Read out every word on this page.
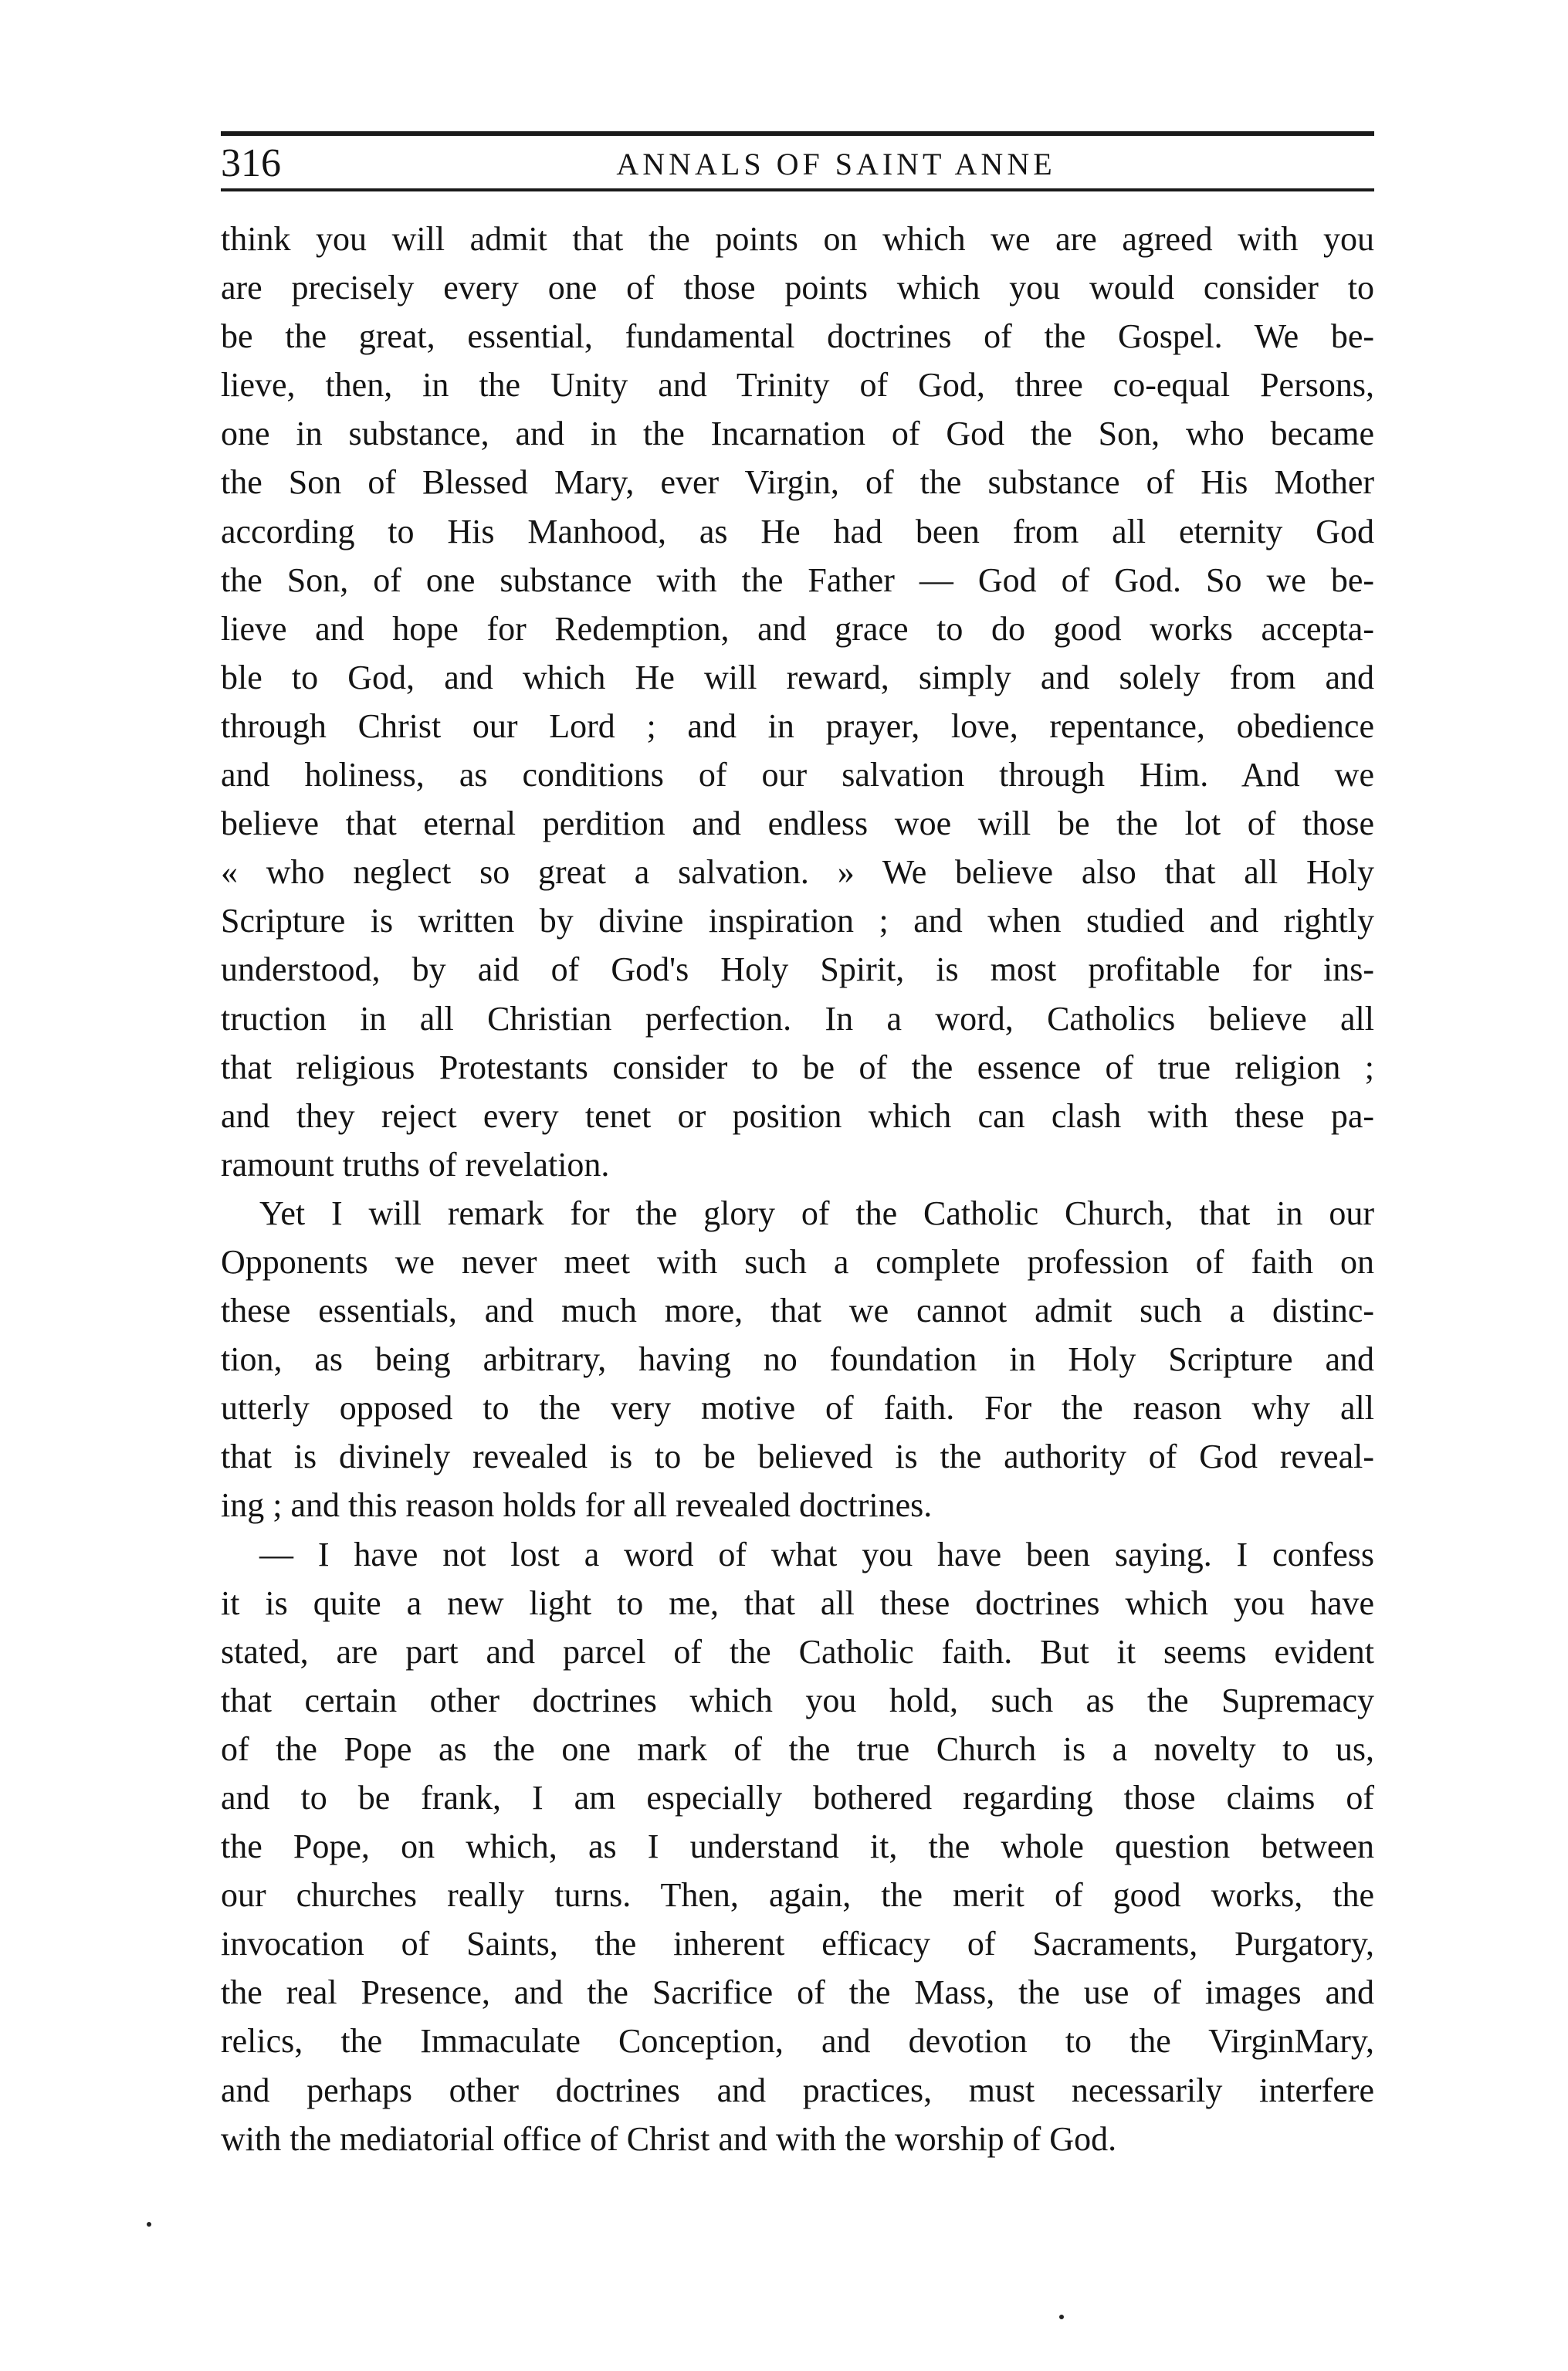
316	ANNALS OF SAINT ANNE
think you will admit that the points on which we are agreed with you
are precisely every one of those points which you would consider to
be the great, essential, fundamental doctrines of the Gospel. We be-
lieve, then, in the Unity and Trinity of God, three co-equal Persons,
one in substance, and in the Incarnation of God the Son, who became
the Son of Blessed Mary, ever Virgin, of the substance of His Mother
according to His Manhood, as He had been from all eternity God
the Son, of one substance with the Father — God of God. So we be-
lieve and hope for Redemption, and grace to do good works accepta-
ble to God, and which He will reward, simply and solely from and
through Christ our Lord ; and in prayer, love, repentance, obedience
and holiness, as conditions of our salvation through Him. And we
believe that eternal perdition and endless woe will be the lot of those
« who neglect so great a salvation. » We believe also that all Holy
Scripture is written by divine inspiration ; and when studied and rightly
understood, by aid of God's Holy Spirit, is most profitable for ins-
truction in all Christian perfection. In a word, Catholics believe all
that religious Protestants consider to be of the essence of true religion ;
and they reject every tenet or position which can clash with these pa-
ramount truths of revelation.
Yet I will remark for the glory of the Catholic Church, that in our
Opponents we never meet with such a complete profession of faith on
these essentials, and much more, that we cannot admit such a distinc-
tion, as being arbitrary, having no foundation in Holy Scripture and
utterly opposed to the very motive of faith. For the reason why all
that is divinely revealed is to be believed is the authority of God reveal-
ing ; and this reason holds for all revealed doctrines.
— I have not lost a word of what you have been saying. I confess
it is quite a new light to me, that all these doctrines which you have
stated, are part and parcel of the Catholic faith. But it seems evident
that certain other doctrines which you hold, such as the Supremacy
of the Pope as the one mark of the true Church is a novelty to us,
and to be frank, I am especially bothered regarding those claims of
the Pope, on which, as I understand it, the whole question between
our churches really turns. Then, again, the merit of good works, the
invocation of Saints, the inherent efficacy of Sacraments, Purgatory,
the real Presence, and the Sacrifice of the Mass, the use of images and
relics, the Immaculate Conception, and devotion to the VirginMary,
and perhaps other doctrines and practices, must necessarily interfere
with the mediatorial office of Christ and with the worship of God.
